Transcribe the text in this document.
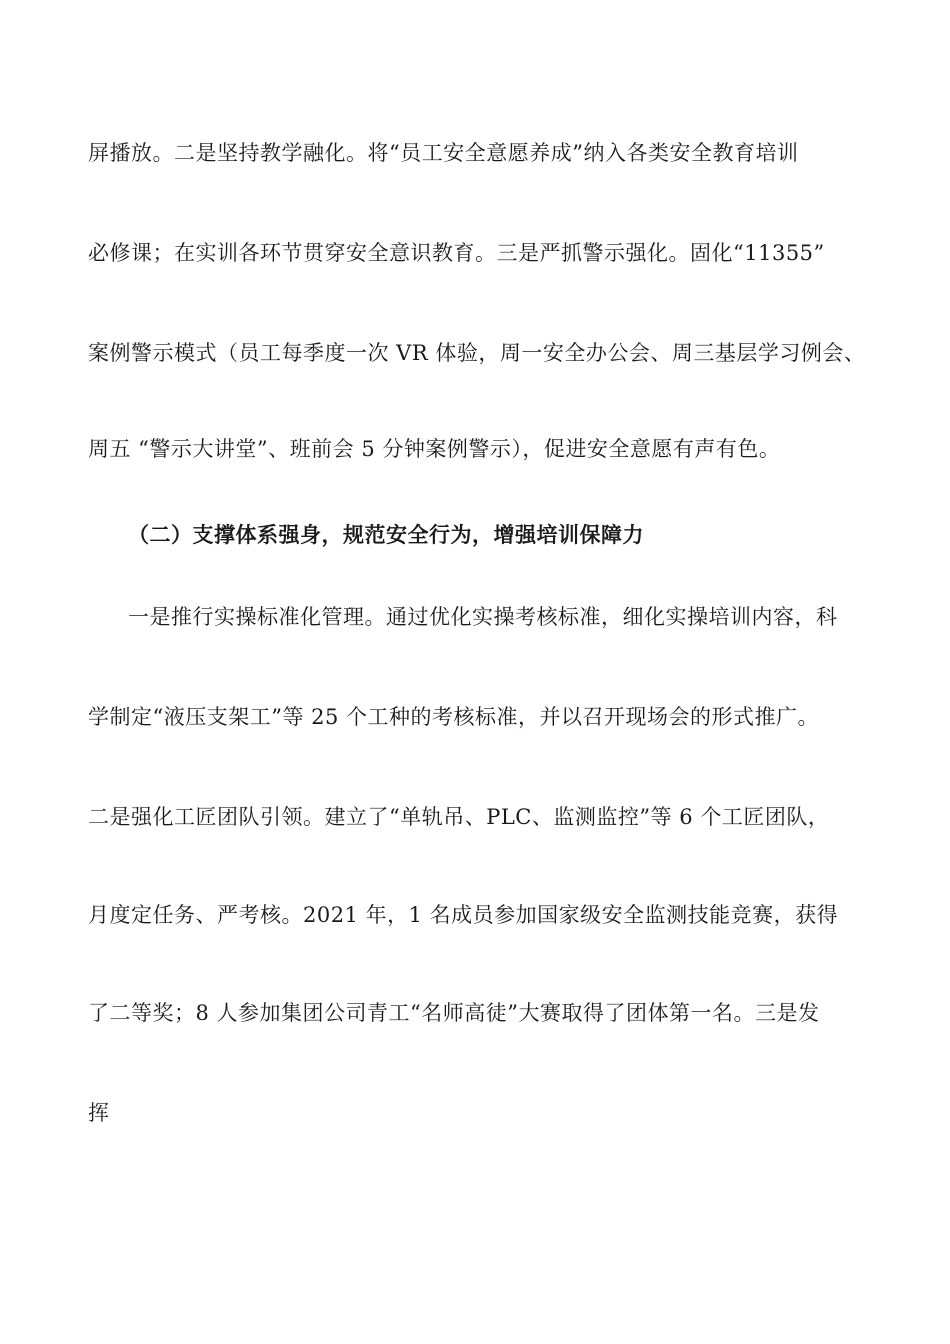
屏播放。二是坚持教学融化。将“员工安全意愿养成”纳入各类安全教育培训
必修课；在实训各环节贯穿安全意识教育。三是严抓警示强化。固化“11355”
案例警示模式（员工每季度一次 VR 体验，周一安全办公会、周三基层学习例会、
周五 “警示大讲堂”、班前会 5 分钟案例警示），促进安全意愿有声有色。
（二）支撑体系强身，规范安全行为，增强培训保障力
一是推行实操标准化管理。通过优化实操考核标准，细化实操培训内容，科
学制定“液压支架工”等 25 个工种的考核标准，并以召开现场会的形式推广。
二是强化工匠团队引领。建立了“单轨吊、PLC、监测监控”等 6 个工匠团队，
月度定任务、严考核。2021 年，1 名成员参加国家级安全监测技能竞赛，获得
了二等奖；8 人参加集团公司青工“名师高徒”大赛取得了团体第一名。三是发
挥
